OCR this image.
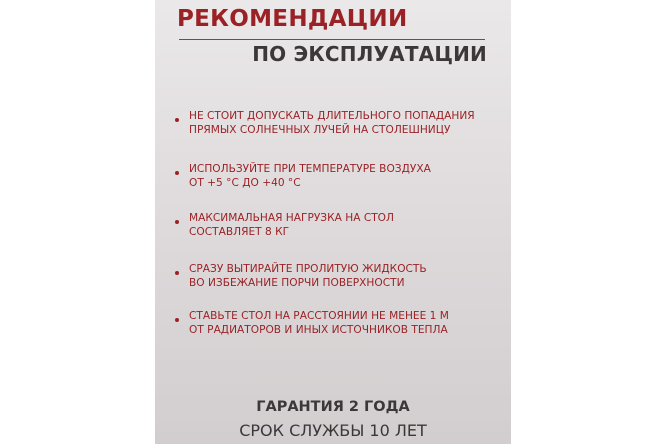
РЕКОМЕНДАЦИИ
ПО ЭКСПЛУАТАЦИИ
НЕ СТОИТ ДОПУСКАТЬ ДЛИТЕЛЬНОГО ПОПАДАНИЯ
ПРЯМЫХ СОЛНЕЧНЫХ ЛУЧЕЙ НА СТОЛЕШНИЦУ
ИСПОЛЬЗУЙТЕ ПРИ ТЕМПЕРАТУРЕ ВОЗДУХА
ОТ +5 °С ДО +40 °С
МАКСИМАЛЬНАЯ НАГРУЗКА НА СТОЛ
СОСТАВЛЯЕТ 8 КГ
СРАЗУ ВЫТИРАЙТЕ ПРОЛИТУЮ ЖИДКОСТЬ
ВО ИЗБЕЖАНИЕ ПОРЧИ ПОВЕРХНОСТИ
СТАВЬТЕ СТОЛ НА РАССТОЯНИИ НЕ МЕНЕЕ 1 М
ОТ РАДИАТОРОВ И ИНЫХ ИСТОЧНИКОВ ТЕПЛА
ГАРАНТИЯ 2 ГОДА
СРОК СЛУЖБЫ 10 ЛЕТ
